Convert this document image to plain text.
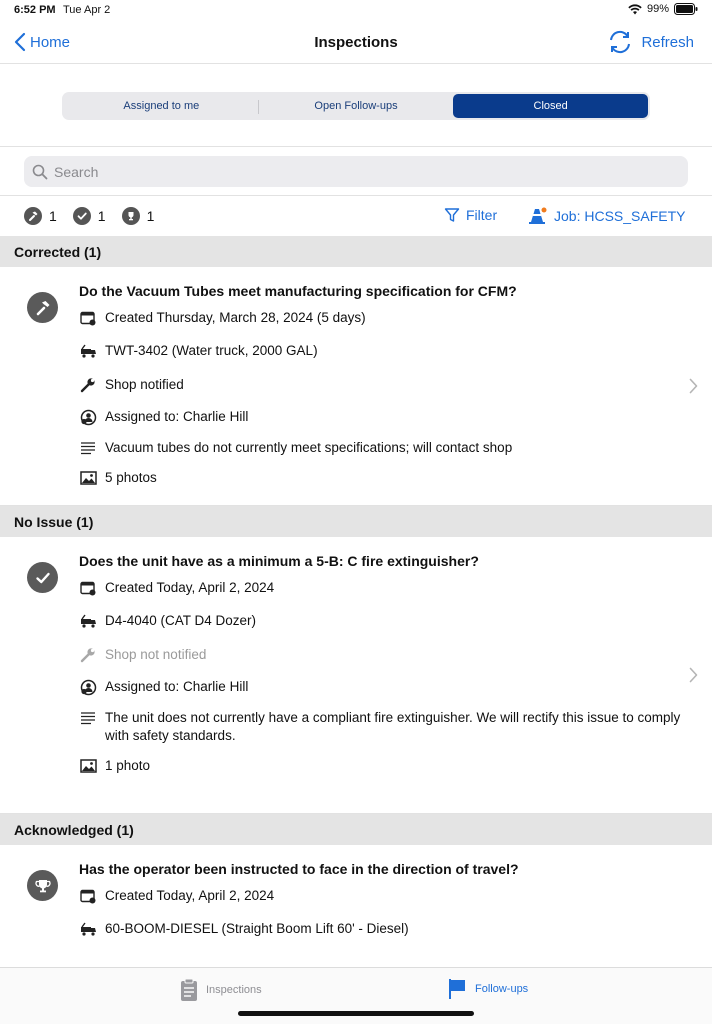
6:52 PM Tue Apr 2	99%
Home	Inspections	Refresh
Assigned to me	Open Follow-ups	Closed
Search
1	1	1	Filter	Job: HCSS_SAFETY
Corrected (1)
Do the Vacuum Tubes meet manufacturing specification for CFM?
Created Thursday, March 28, 2024 (5 days)
TWT-3402 (Water truck, 2000 GAL)
Shop notified
Assigned to: Charlie Hill
Vacuum tubes do not currently meet specifications; will contact shop
5 photos
No Issue (1)
Does the unit have as a minimum a 5-B: C fire extinguisher?
Created Today, April 2, 2024
D4-4040 (CAT D4 Dozer)
Shop not notified
Assigned to: Charlie Hill
The unit does not currently have a compliant fire extinguisher. We will rectify this issue to comply with safety standards.
1 photo
Acknowledged (1)
Has the operator been instructed to face in the direction of travel?
Created Today, April 2, 2024
60-BOOM-DIESEL (Straight Boom Lift 60' - Diesel)
Inspections	Follow-ups
